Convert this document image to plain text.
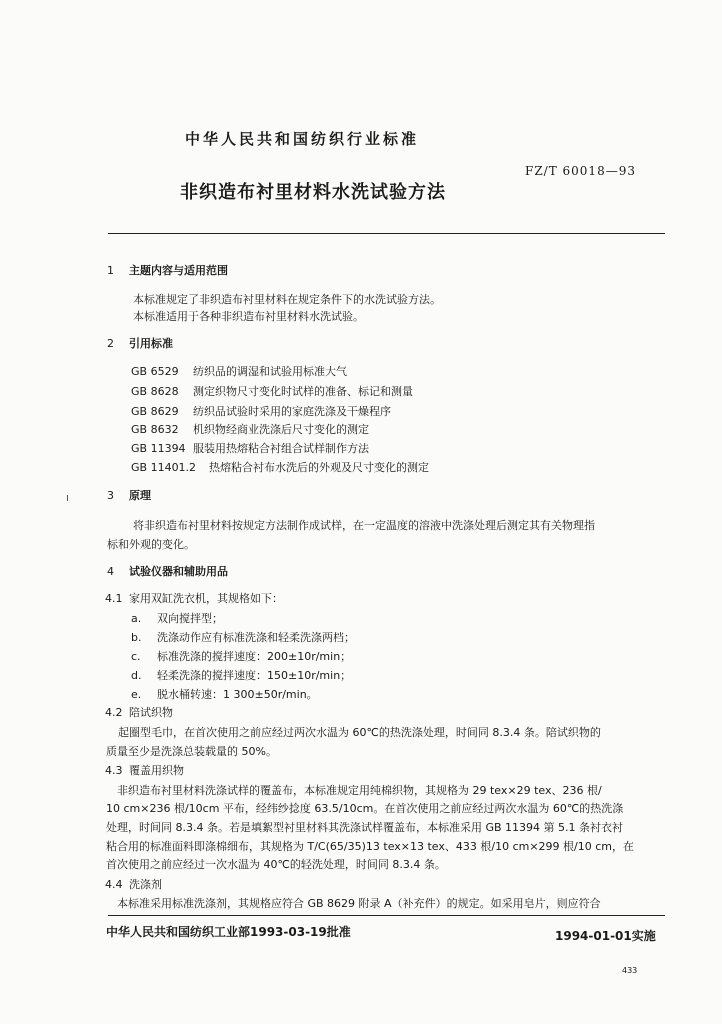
中华人民共和国纺织行业标准
FZ/T 60018—93
非织造布衬里材料水洗试验方法
1 主题内容与适用范围
本标准规定了非织造布衬里材料在规定条件下的水洗试验方法。
本标准适用于各种非织造布衬里材料水洗试验。
2 引用标准
GB 6529 纺织品的调湿和试验用标准大气
GB 8628 测定织物尺寸变化时试样的准备、标记和测量
GB 8629 纺织品试验时采用的家庭洗涤及干燥程序
GB 8632 机织物经商业洗涤后尺寸变化的测定
GB 11394 服装用热熔粘合衬组合试样制作方法
GB 11401.2 热熔粘合衬布水洗后的外观及尺寸变化的测定
3 原理
将非织造布衬里材料按规定方法制作成试样，在一定温度的溶液中洗涤处理后测定其有关物理指
标和外观的变化。
4 试验仪器和辅助用品
4.1 家用双缸洗衣机，其规格如下：
a. 双向搅拌型；
b. 洗涤动作应有标准洗涤和轻柔洗涤两档；
c. 标准洗涤的搅拌速度：200±10r/min；
d. 轻柔洗涤的搅拌速度：150±10r/min；
e. 脱水桶转速：1 300±50r/min。
4.2 陪试织物
起圈型毛巾，在首次使用之前应经过两次水温为 60℃的热洗涤处理，时间同 8.3.4 条。陪试织物的
质量至少是洗涤总装载量的 50%。
4.3 覆盖用织物
非织造布衬里材料洗涤试样的覆盖布，本标准规定用纯棉织物，其规格为 29 tex×29 tex、236 根/
10 cm×236 根/10cm 平布，经纬纱捻度 63.5/10cm。在首次使用之前应经过两次水温为 60℃的热洗涤
处理，时间同 8.3.4 条。若是填絮型衬里材料其洗涤试样覆盖布，本标准采用 GB 11394 第 5.1 条衬衣衬
粘合用的标准面料即涤棉细布，其规格为 T/C(65/35)13 tex×13 tex、433 根/10 cm×299 根/10 cm，在
首次使用之前应经过一次水温为 40℃的轻洗处理，时间同 8.3.4 条。
4.4 洗涤剂
本标准采用标准洗涤剂，其规格应符合 GB 8629 附录 A（补充件）的规定。如采用皂片，则应符合
中华人民共和国纺织工业部1993-03-19批准	1994-01-01实施
433
